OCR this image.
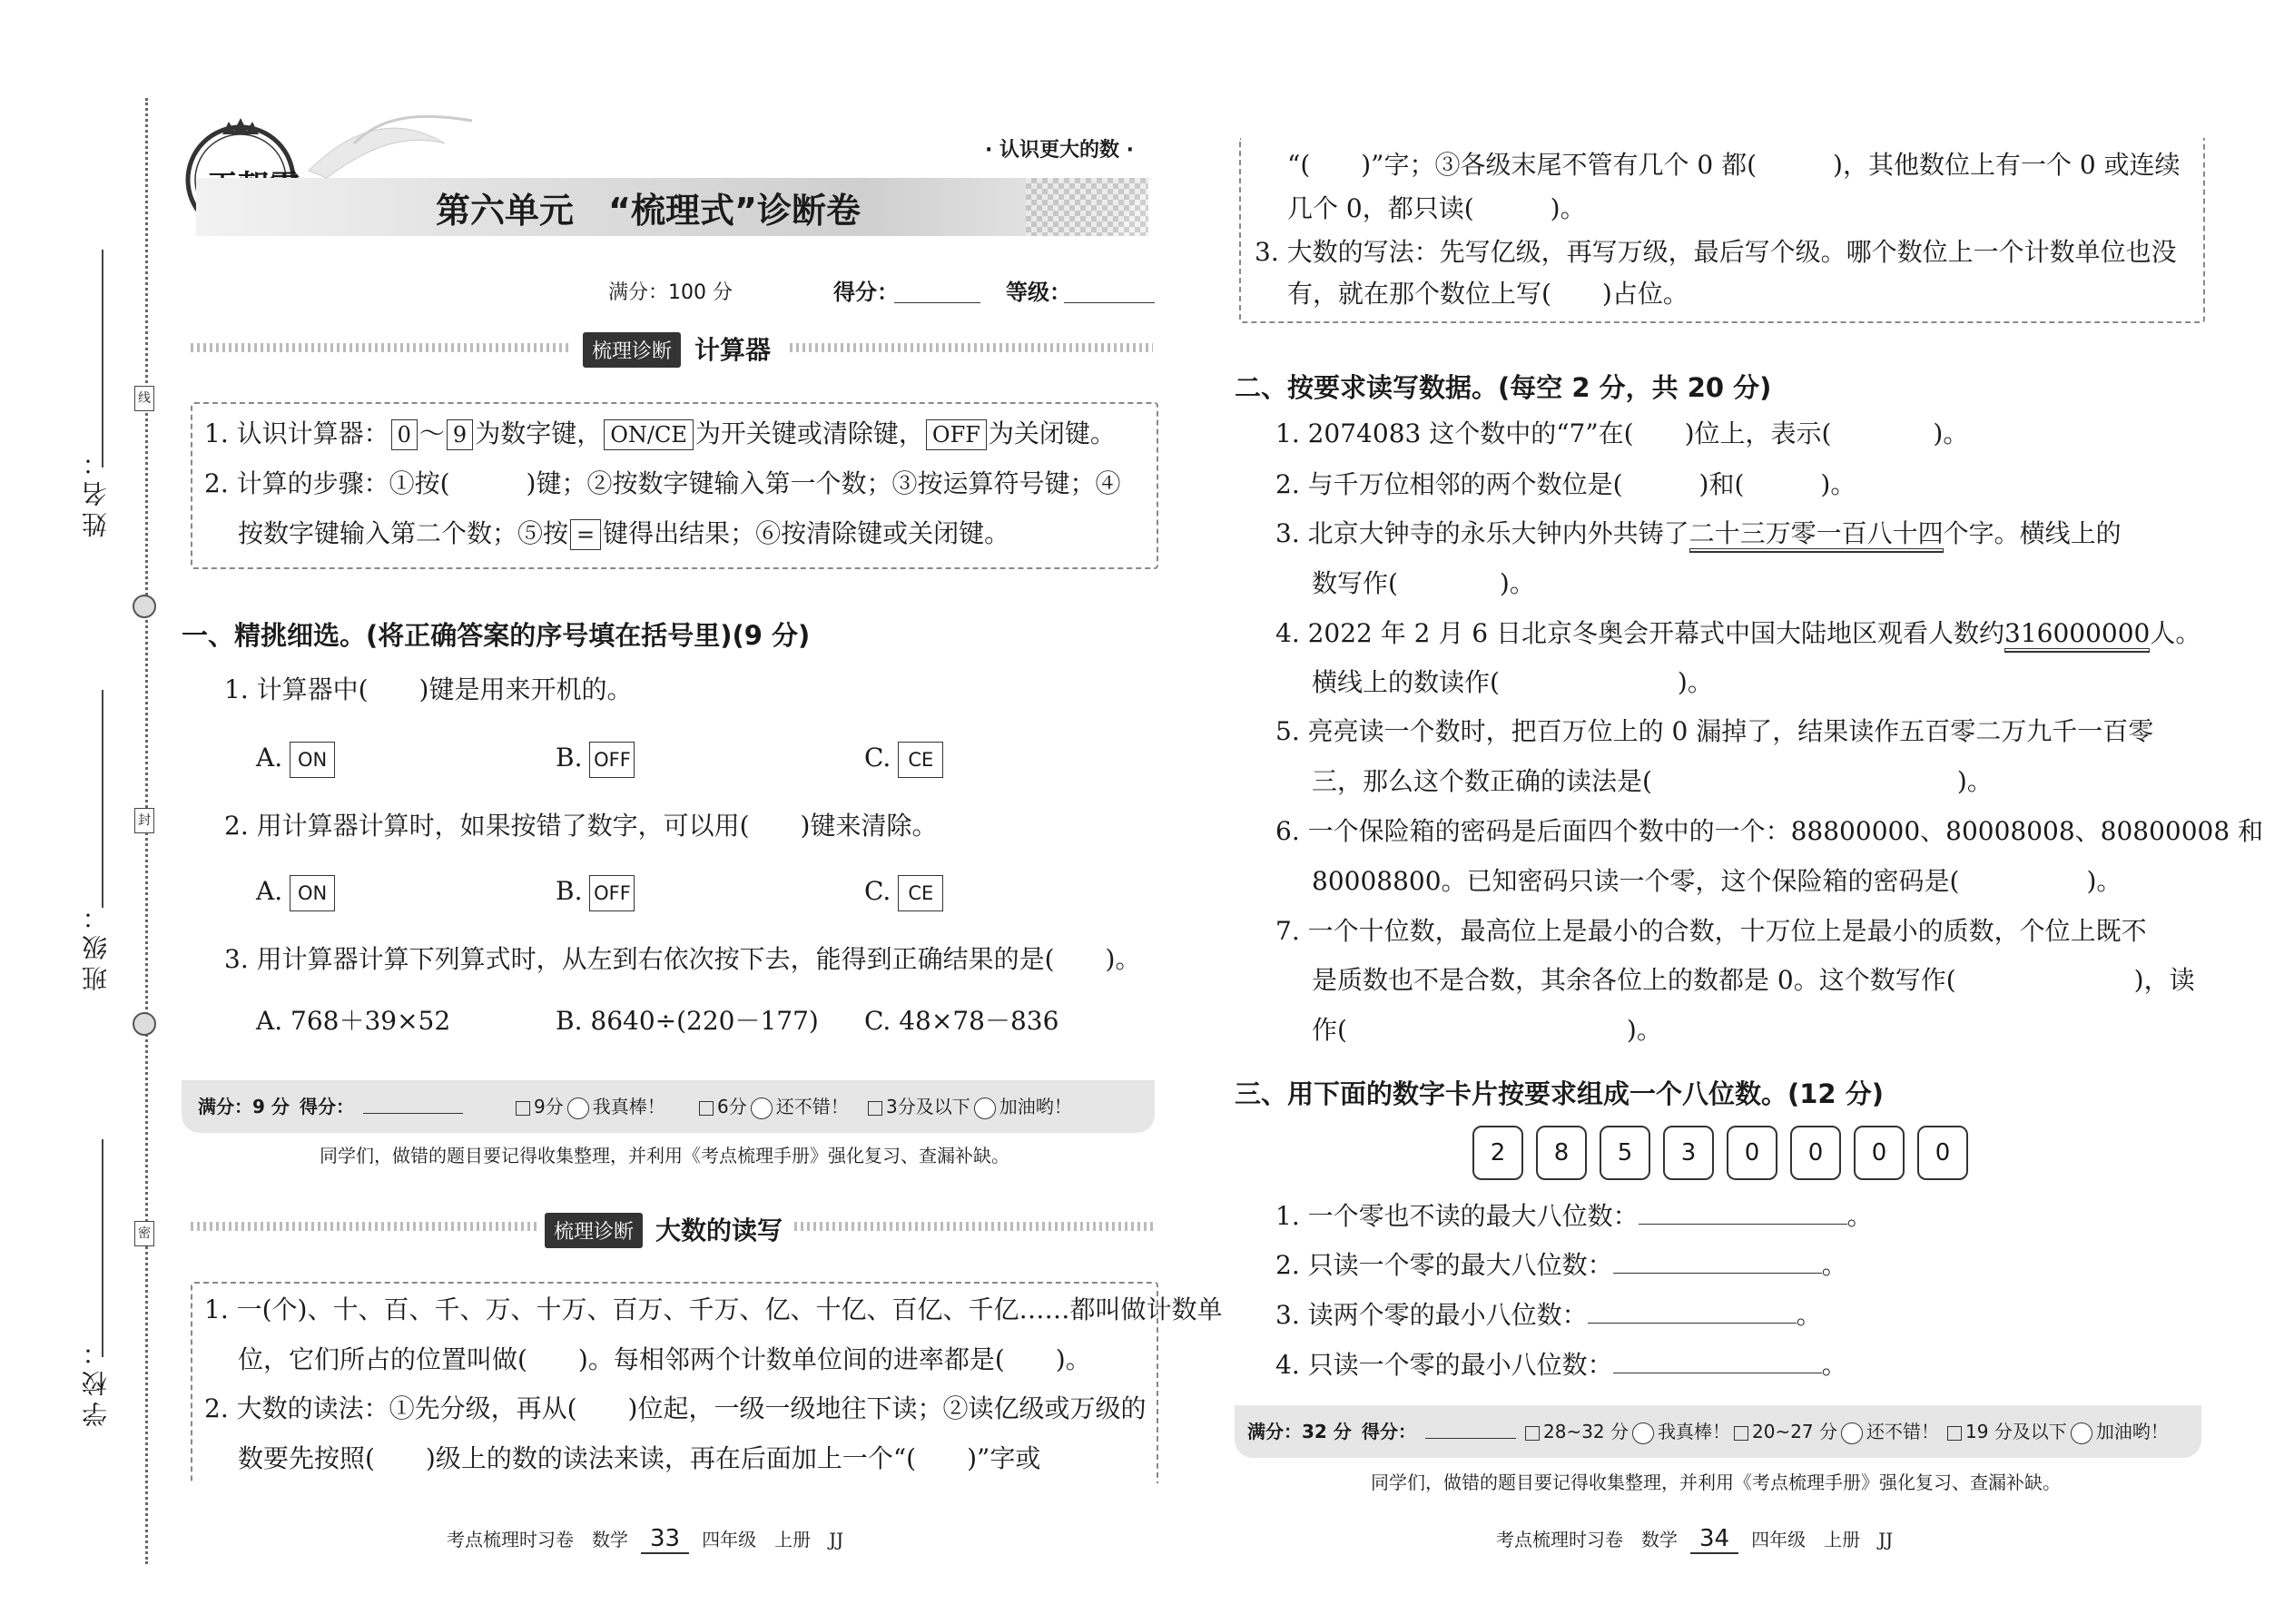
姓名：
班级：
学校：
线
封
密
· 认识更大的数 ·
第六单元　“梳理式”诊断卷
满分：100 分	得分：	等级：
梳理诊断 计算器
1. 认识计算器： 0 ～ 9 为数字键， ON/CE 为开关键或清除键， OFF 为关闭键。
2. 计算的步骤：①按(　　　)键；②按数字键输入第一个数；③按运算符号键；④
按数字键输入第二个数；⑤按 = 键得出结果；⑥按清除键或关闭键。
一、精挑细选。(将正确答案的序号填在括号里)(9 分)
1. 计算器中(　　)键是用来开机的。
A. ON	B. OFF	C. CE
2. 用计算器计算时，如果按错了数字，可以用(　　)键来清除。
A. ON	B. OFF	C. CE
3. 用计算器计算下列算式时，从左到右依次按下去，能得到正确结果的是(　　)。
A. 768＋39×52	B. 8640÷(220－177) C. 48×78－836
满分：9 分 得分：	9分 我真棒！	6分 还不错！	3分及以下 加油哟！
同学们，做错的题目要记得收集整理，并利用《考点梳理手册》强化复习、查漏补缺。
梳理诊断 大数的读写
1. 一(个)、十、百、千、万、十万、百万、千万、亿、十亿、百亿、千亿……都叫做计数单
位，它们所占的位置叫做(　　)。每相邻两个计数单位间的进率都是(　　)。
2. 大数的读法：①先分级，再从(　　)位起，一级一级地往下读；②读亿级或万级的
数要先按照(　　)级上的数的读法来读，再在后面加上一个“(　　)”字或
考点梳理时习卷　数学 33 四年级　上册　JJ
“(　　)”字；③各级末尾不管有几个 0 都(　　　)，其他数位上有一个 0 或连续
几个 0，都只读(　　　)。
3. 大数的写法：先写亿级，再写万级，最后写个级。哪个数位上一个计数单位也没
有，就在那个数位上写(　　)占位。
二、按要求读写数据。(每空 2 分，共 20 分)
1. 2074083 这个数中的“7”在(　　)位上，表示(　　　　)。
2. 与千万位相邻的两个数位是(　　　)和(　　　)。
3. 北京大钟寺的永乐大钟内外共铸了二十三万零一百八十四个字。横线上的
数写作(　　　　)。
4. 2022 年 2 月 6 日北京冬奥会开幕式中国大陆地区观看人数约316000000人。
横线上的数读作(　　　　　　　)。
5. 亮亮读一个数时，把百万位上的 0 漏掉了，结果读作五百零二万九千一百零
三，那么这个数正确的读法是(　　　　　　　　　　　　)。
6. 一个保险箱的密码是后面四个数中的一个：88800000、80008008、80800008 和
80008800。已知密码只读一个零，这个保险箱的密码是(　　　　　)。
7. 一个十位数，最高位上是最小的合数，十万位上是最小的质数，个位上既不
是质数也不是合数，其余各位上的数都是 0。这个数写作(　　　　　　　)，读
作(　　　　　　　　　　　)。
三、用下面的数字卡片按要求组成一个八位数。(12 分)
2	8	5	3	0	0	0	0
1. 一个零也不读的最大八位数：	。
2. 只读一个零的最大八位数：	。
3. 读两个零的最小八位数：	。
4. 只读一个零的最小八位数：	。
满分：32 分 得分：	28~32 分 我真棒！	20~27 分 还不错！	19 分及以下 加油哟！
同学们，做错的题目要记得收集整理，并利用《考点梳理手册》强化复习、查漏补缺。
考点梳理时习卷　数学 34 四年级　上册　JJ
